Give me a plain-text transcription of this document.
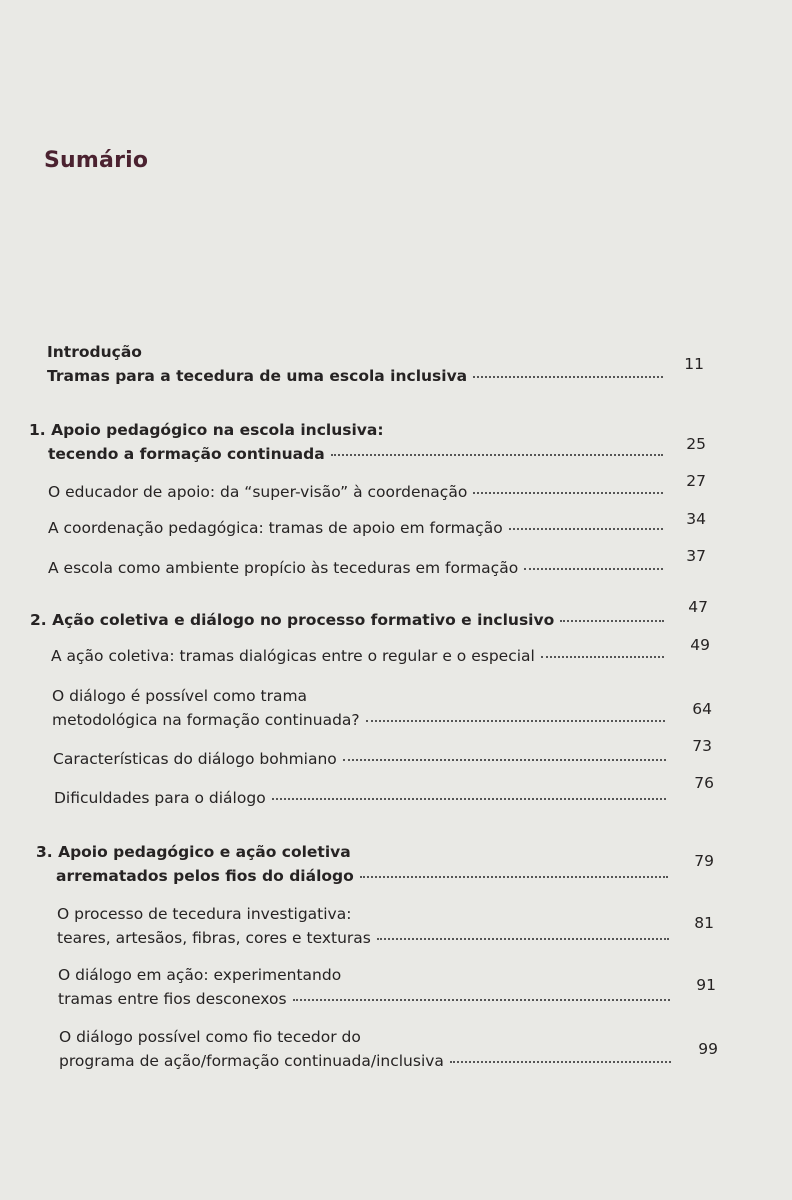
Sumário
Introdução
Tramas para a tecedura de uma escola inclusiva
11
1. Apoio pedagógico na escola inclusiva:
tecendo a formação continuada
25
O educador de apoio: da “super-visão” à coordenação
27
A coordenação pedagógica: tramas de apoio em formação	34
A escola como ambiente propício às teceduras em formação
37
2. Ação coletiva e diálogo no processo formativo e inclusivo
47
A ação coletiva: tramas dialógicas entre o regular e o especial
49
O diálogo é possível como trama
metodológica na formação continuada?
64
Características do diálogo bohmiano
73
Dificuldades para o diálogo
76
3. Apoio pedagógico e ação coletiva
arrematados pelos fios do diálogo
79
O processo de tecedura investigativa:
teares, artesãos, fibras, cores e texturas
81
O diálogo em ação: experimentando
tramas entre fios desconexos
91
O diálogo possível como fio tecedor do
programa de ação/formação continuada/inclusiva
99
